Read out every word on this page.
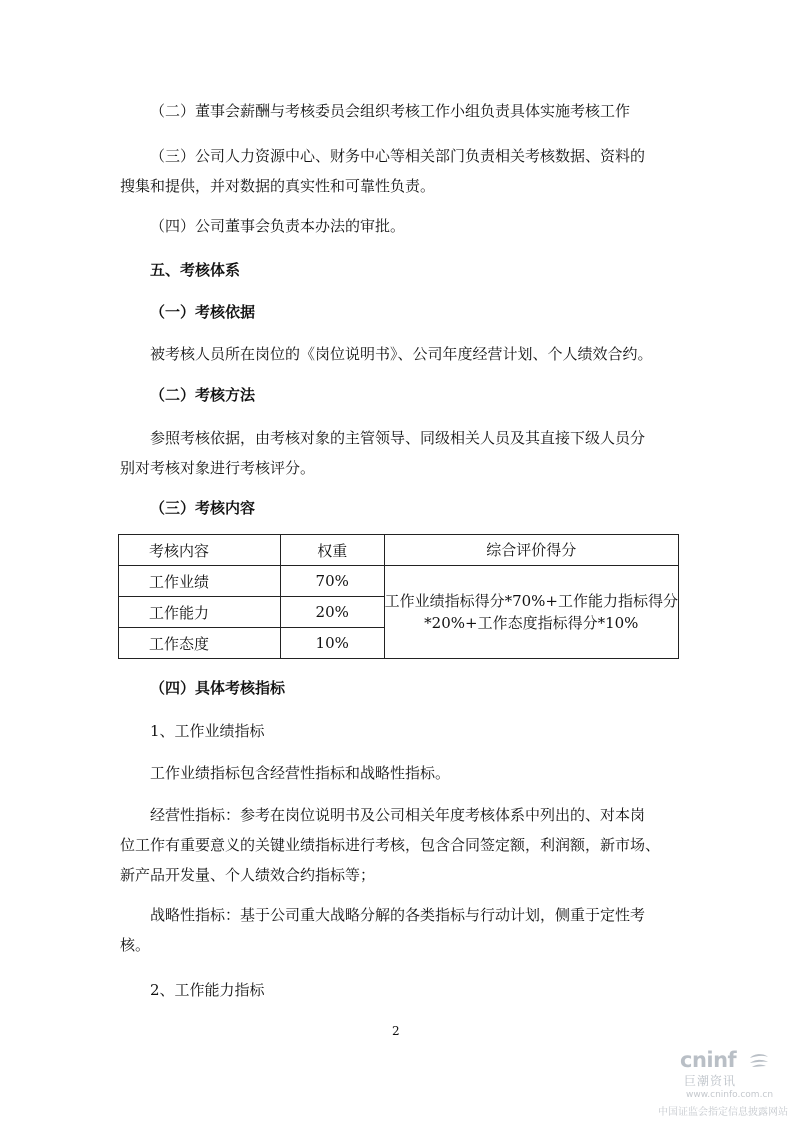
（二）董事会薪酬与考核委员会组织考核工作小组负责具体实施考核工作

（三）公司人力资源中心、财务中心等相关部门负责相关考核数据、资料的
搜集和提供，并对数据的真实性和可靠性负责。

（四）公司董事会负责本办法的审批。

五、考核体系

（一）考核依据

被考核人员所在岗位的《岗位说明书》、公司年度经营计划、个人绩效合约。

（二）考核方法

参照考核依据，由考核对象的主管领导、同级相关人员及其直接下级人员分
别对考核对象进行考核评分。

（三）考核内容

考核内容	权重	综合评价得分
工作业绩	70%	工作业绩指标得分*70%+工作能力指标得分
*20%+工作态度指标得分*10%

工作能力	20%	
工作态度	10%	

（四）具体考核指标

1、工作业绩指标

工作业绩指标包含经营性指标和战略性指标。

经营性指标：参考在岗位说明书及公司相关年度考核体系中列出的、对本岗
位工作有重要意义的关键业绩指标进行考核，包含合同签定额，利润额，新市场、
新产品开发量、个人绩效合约指标等；

战略性指标：基于公司重大战略分解的各类指标与行动计划，侧重于定性考
核。

2、工作能力指标

2

cninf
巨潮资讯
www.cninfo.com.cn
中国证监会指定信息披露网站
